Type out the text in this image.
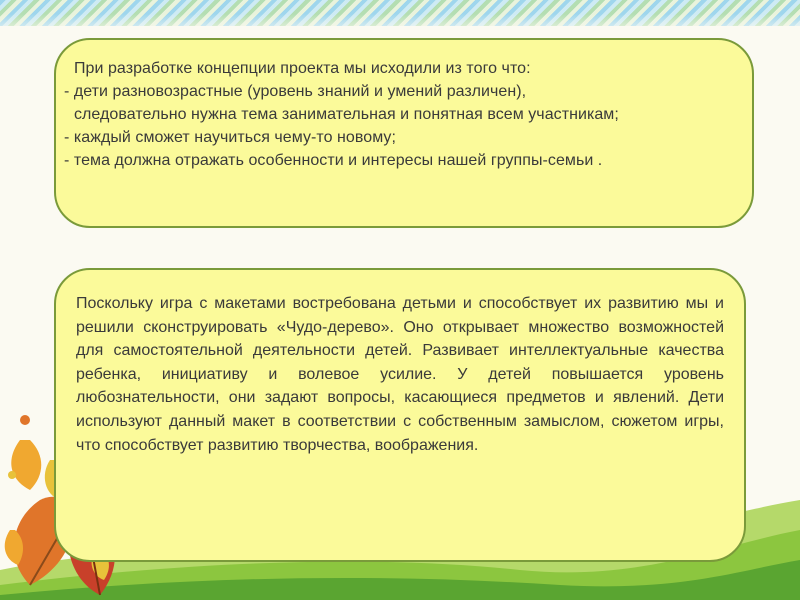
При разработке концепции проекта мы исходили из того что:
- дети разновозрастные (уровень знаний и умений различен),
следовательно нужна тема занимательная и понятная всем участникам;
- каждый сможет научиться чему-то новому;
- тема должна отражать особенности и интересы нашей группы-семьи .
Поскольку игра с макетами востребована детьми и способствует их развитию мы и решили сконструировать «Чудо-дерево». Оно открывает множество возможностей для самостоятельной деятельности детей. Развивает интеллектуальные качества ребенка, инициативу и волевое усилие. У детей повышается уровень любознательности, они задают вопросы, касающиеся предметов и явлений. Дети используют данный макет в соответствии с собственным замыслом, сюжетом игры, что способствует развитию творчества, воображения.
